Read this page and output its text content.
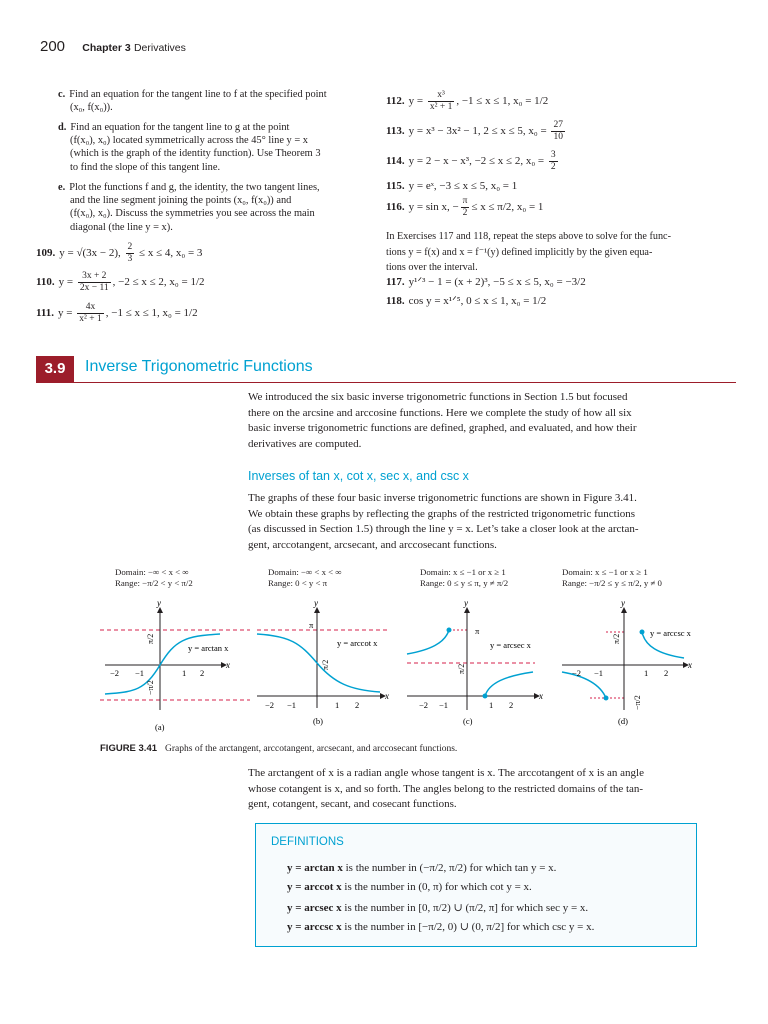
200 Chapter 3 Derivatives
c. Find an equation for the tangent line to f at the specified point
(x₀, f(x₀)).
d. Find an equation for the tangent line to g at the point
(f(x₀), x₀) located symmetrically across the 45° line y = x
(which is the graph of the identity function). Use Theorem 3
to find the slope of this tangent line.
e. Plot the functions f and g, the identity, the two tangent lines,
and the line segment joining the points (x₀, f(x₀)) and
(f(x₀), x₀). Discuss the symmetries you see across the main
diagonal (the line y = x).
109. y = √(3x − 2), $\frac{2}{3} \le x \le 4$, x₀ = 3
110. $y = \frac{3x + 2}{2x - 11}$ , −2 ≤ x ≤ 2, x₀ = 1/2
111. $y = \frac{4x}{\text{x² + 1}}$ , −1 ≤ x ≤ 1, x₀ = 1/2
112. $y = \frac{\text{x³}}{\text{x² + 1}}$ , −1 ≤ x ≤ 1, x₀ = 1/2
113. y = x³ − 3x² − 1, 2 ≤ x ≤ 5, $x_0 = \frac{27}{10}$
114. y = 2 − x − x³, −2 ≤ x ≤ 2, $x_0 = \frac{3}{2}$
115. y = eˣ, −3 ≤ x ≤ 5, x₀ = 1
116. y = sin x, − $\frac{\pi}{2} \le x \le \pi/2$, x₀ = 1
In Exercises 117 and 118, repeat the steps above to solve for the func-
tions y = f(x) and x = f⁻¹(y) defined implicitly by the given equa-
tions over the interval.
117. y¹ᐟ³ − 1 = (x + 2)³, −5 ≤ x ≤ 5, x₀ = −3/2
118. cos y = x¹ᐟ⁵, 0 ≤ x ≤ 1, x₀ = 1/2
3.9	Inverse Trigonometric Functions
We introduced the six basic inverse trigonometric functions in Section 1.5 but focused
there on the arcsine and arccosine functions. Here we complete the study of how all six
basic inverse trigonometric functions are defined, graphed, and evaluated, and how their
derivatives are computed.
Inverses of tan x, cot x, sec x, and csc x
The graphs of these four basic inverse trigonometric functions are shown in Figure 3.41.
We obtain these graphs by reflecting the graphs of the restricted trigonometric functions
(as discussed in Section 1.5) through the line y = x. Let’s take a closer look at the arctan-
gent, arccotangent, arcsecant, and arccosecant functions.
Domain: −∞ < x < ∞
Range: −π/2 < y < π/2
Domain: −∞ < x < ∞
Range: 0 < y < π
Domain: x ≤ −1 or x ≥ 1
Range: 0 ≤ y ≤ π, y ≠ π/2
Domain: x ≤ −1 or x ≥ 1
Range: −π/2 ≤ y ≤ π/2, y ≠ 0
x
y
y = arctan x
π/2
−π/2
−2 −1	1 2
(a)
x
y
y = arccot x
π
π/2
−2 −1	1 2
(b)
x
y
y = arcsec x
π
π/2
−2 −1	1 2
(c)
x
y
y = arccsc x
π/2
−π/2
−2 −1	1 2
(d)
FIGURE 3.41 Graphs of the arctangent, arccotangent, arcsecant, and arccosecant functions.
The arctangent of x is a radian angle whose tangent is x. The arccotangent of x is an angle
whose cotangent is x, and so forth. The angles belong to the restricted domains of the tan-
gent, cotangent, secant, and cosecant functions.
DEFINITIONS
y = arctan x is the number in (−π/2, π/2) for which tan y = x.
y = arccot x is the number in (0, π) for which cot y = x.
y = arcsec x is the number in [0, π/2) ∪ (π/2, π] for which sec y = x.
y = arccsc x is the number in [−π/2, 0) ∪ (0, π/2] for which csc y = x.
